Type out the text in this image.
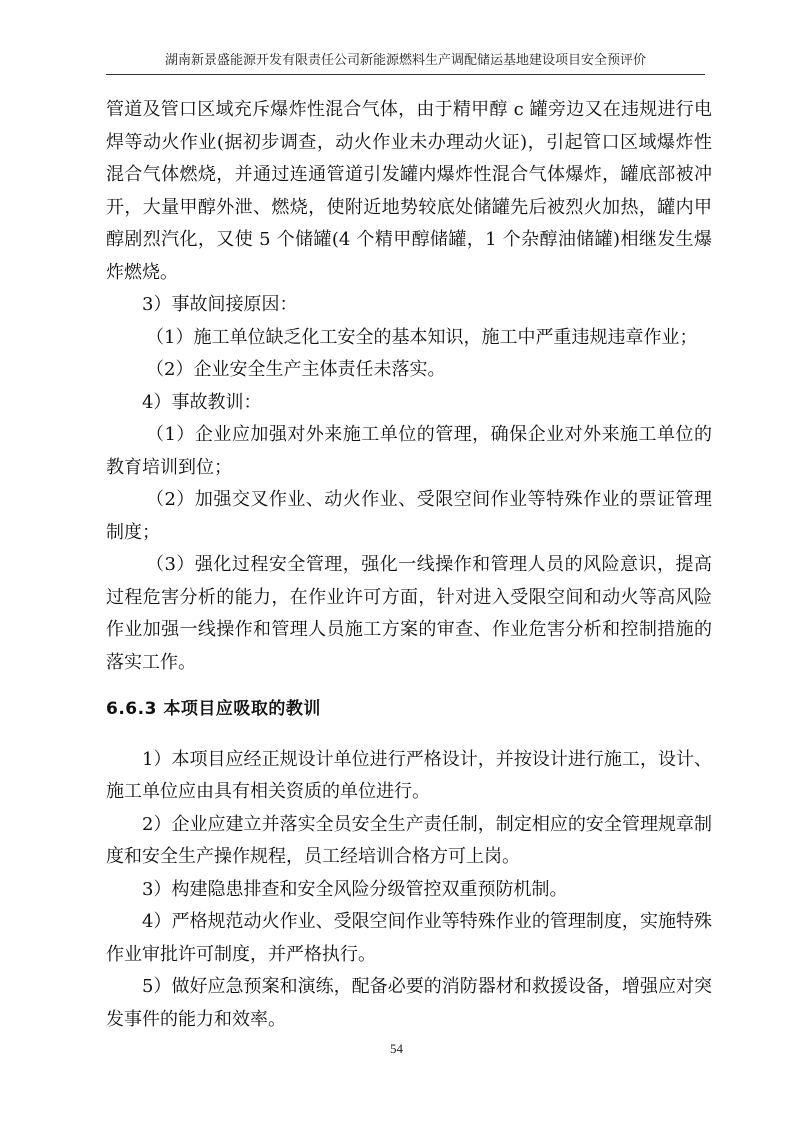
湖南新景盛能源开发有限责任公司新能源燃料生产调配储运基地建设项目安全预评价

管道及管口区域充斥爆炸性混合气体，由于精甲醇 c 罐旁边又在违规进行电焊等动火作业(据初步调查，动火作业未办理动火证)，引起管口区域爆炸性混合气体燃烧，并通过连通管道引发罐内爆炸性混合气体爆炸，罐底部被冲开，大量甲醇外泄、燃烧，使附近地势较底处储罐先后被烈火加热，罐内甲醇剧烈汽化，又使 5 个储罐(4 个精甲醇储罐，1 个杂醇油储罐)相继发生爆炸燃烧。

3）事故间接原因：

（1）施工单位缺乏化工安全的基本知识，施工中严重违规违章作业；

（2）企业安全生产主体责任未落实。

4）事故教训：

（1）企业应加强对外来施工单位的管理，确保企业对外来施工单位的教育培训到位；

（2）加强交叉作业、动火作业、受限空间作业等特殊作业的票证管理制度；

（3）强化过程安全管理，强化一线操作和管理人员的风险意识，提高过程危害分析的能力，在作业许可方面，针对进入受限空间和动火等高风险作业加强一线操作和管理人员施工方案的审查、作业危害分析和控制措施的落实工作。

6.6.3 本项目应吸取的教训

1）本项目应经正规设计单位进行严格设计，并按设计进行施工，设计、施工单位应由具有相关资质的单位进行。

2）企业应建立并落实全员安全生产责任制，制定相应的安全管理规章制度和安全生产操作规程，员工经培训合格方可上岗。

3）构建隐患排查和安全风险分级管控双重预防机制。

4）严格规范动火作业、受限空间作业等特殊作业的管理制度，实施特殊作业审批许可制度，并严格执行。

5）做好应急预案和演练，配备必要的消防器材和救援设备，增强应对突发事件的能力和效率。

54
